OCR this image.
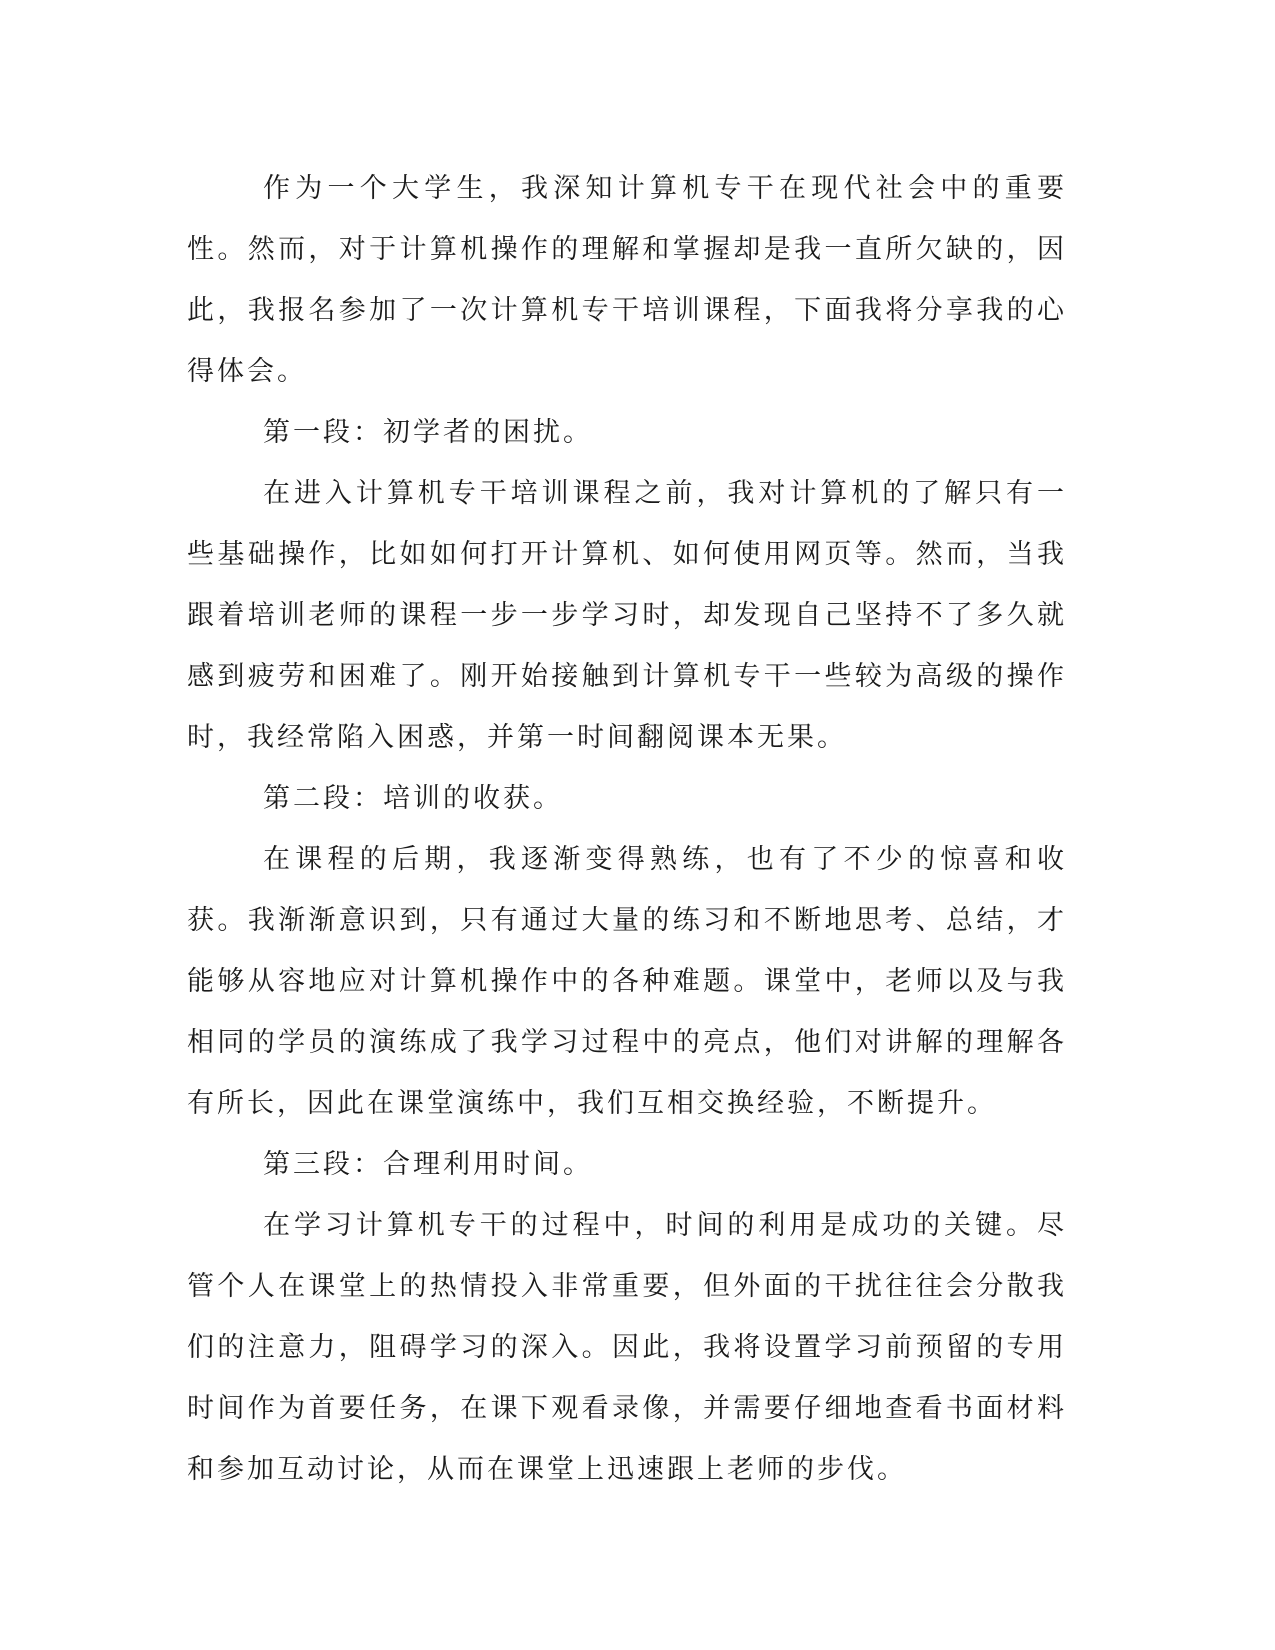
作为一个大学生，我深知计算机专干在现代社会中的重要性。然而，对于计算机操作的理解和掌握却是我一直所欠缺的，因此，我报名参加了一次计算机专干培训课程，下面我将分享我的心得体会。

第一段：初学者的困扰。

在进入计算机专干培训课程之前，我对计算机的了解只有一些基础操作，比如如何打开计算机、如何使用网页等。然而，当我跟着培训老师的课程一步一步学习时，却发现自己坚持不了多久就感到疲劳和困难了。刚开始接触到计算机专干一些较为高级的操作时，我经常陷入困惑，并第一时间翻阅课本无果。

第二段：培训的收获。

在课程的后期，我逐渐变得熟练，也有了不少的惊喜和收获。我渐渐意识到，只有通过大量的练习和不断地思考、总结，才能够从容地应对计算机操作中的各种难题。课堂中，老师以及与我相同的学员的演练成了我学习过程中的亮点，他们对讲解的理解各有所长，因此在课堂演练中，我们互相交换经验，不断提升。

第三段：合理利用时间。

在学习计算机专干的过程中，时间的利用是成功的关键。尽管个人在课堂上的热情投入非常重要，但外面的干扰往往会分散我们的注意力，阻碍学习的深入。因此，我将设置学习前预留的专用时间作为首要任务，在课下观看录像，并需要仔细地查看书面材料和参加互动讨论，从而在课堂上迅速跟上老师的步伐。
